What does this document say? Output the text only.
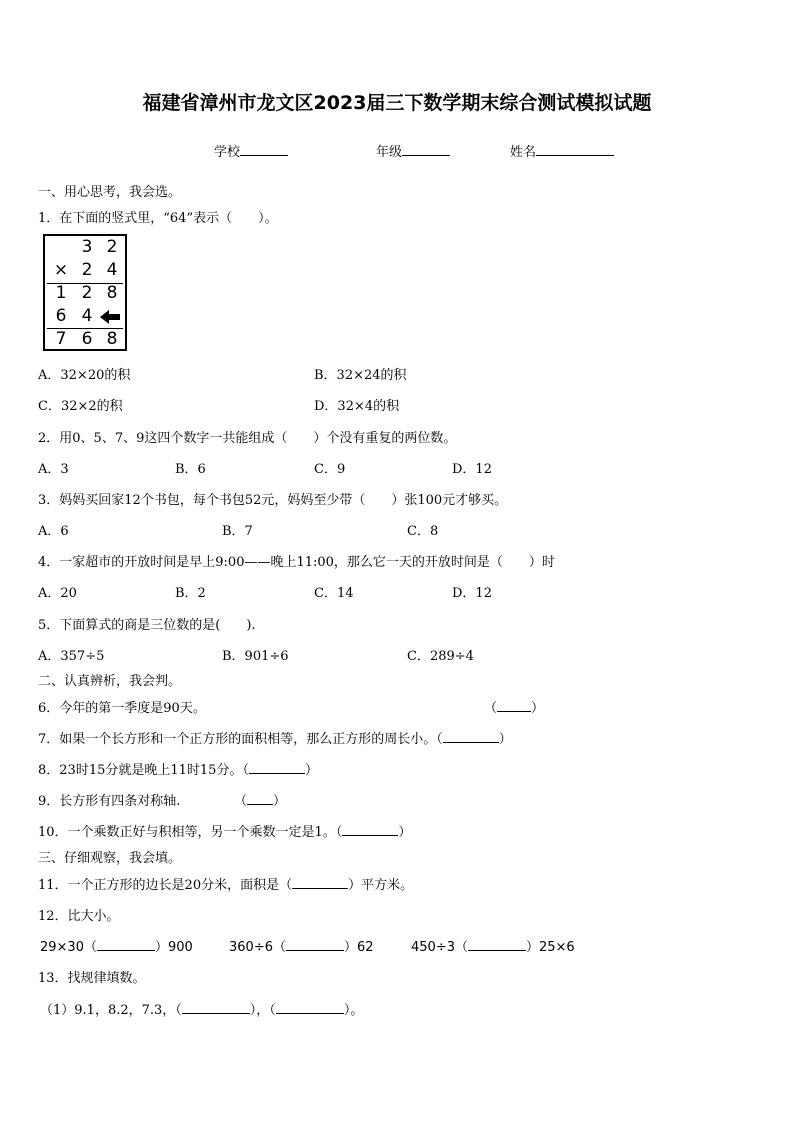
福建省漳州市龙文区2023届三下数学期末综合测试模拟试题
学校	年级	姓名
一、用心思考，我会选。
1．在下面的竖式里，“64”表示（　　）。
3 2
× 2 4
1 2 8
6 4
7 6 8
A．32×20的积	B．32×24的积
C．32×2的积	D．32×4的积
2．用0、5、7、9这四个数字一共能组成（　　）个没有重复的两位数。
A．3	B．6	C．9	D．12
3．妈妈买回家12个书包，每个书包52元，妈妈至少带（　　）张100元才够买。
A．6	B．7	C．8
4．一家超市的开放时间是早上9:00——晚上11:00，那么它一天的开放时间是（　　）时
A．20	B．2	C．14	D．12
5．下面算式的商是三位数的是(　　).
A．357÷5	B．901÷6	C．289÷4
二、认真辨析，我会判。
6．今年的第一季度是90天。	（	）
7．如果一个长方形和一个正方形的面积相等，那么正方形的周长小。（	）
8．23时15分就是晚上11时15分。（	）
9．长方形有四条对称轴.	（ ）
10．一个乘数正好与积相等，另一个乘数一定是1。（	）
三、仔细观察，我会填。
11．一个正方形的边长是20分米，面积是（	）平方米。
12．比大小。
29×30（	）900	360÷6（	）62	450÷3（	）25×6
13．找规律填数。
（1）9.1，8.2，7.3，（	），（	）。
